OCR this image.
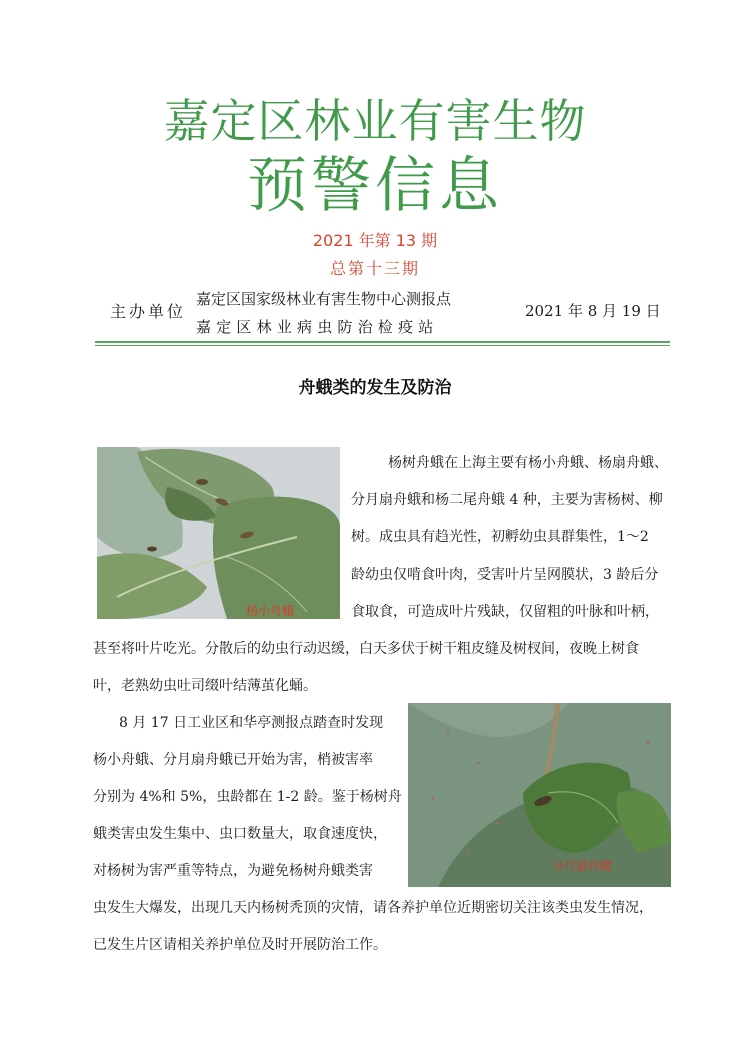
嘉定区林业有害生物
预警信息
2021 年第 13 期
总第十三期
主办单位
嘉定区国家级林业有害生物中心测报点
嘉定区林业病虫防治检疫站
2021 年 8 月 19 日
舟蛾类的发生及防治
杨小舟蛾
分月扇舟蛾
杨树舟蛾在上海主要有杨小舟蛾、杨扇舟蛾、
分月扇舟蛾和杨二尾舟蛾 4 种，主要为害杨树、柳
树。成虫具有趋光性，初孵幼虫具群集性，1～2
龄幼虫仅啃食叶肉，受害叶片呈网膜状，3 龄后分
食取食，可造成叶片残缺，仅留粗的叶脉和叶柄，
甚至将叶片吃光。分散后的幼虫行动迟缓，白天多伏于树干粗皮缝及树杈间，夜晚上树食
叶，老熟幼虫吐司缀叶结薄茧化蛹。
8 月 17 日工业区和华亭测报点踏查时发现
杨小舟蛾、分月扇舟蛾已开始为害，梢被害率
分别为 4%和 5%，虫龄都在 1-2 龄。鉴于杨树舟
蛾类害虫发生集中、虫口数量大，取食速度快，
对杨树为害严重等特点，为避免杨树舟蛾类害
虫发生大爆发，出现几天内杨树秃顶的灾情，请各养护单位近期密切关注该类虫发生情况，
已发生片区请相关养护单位及时开展防治工作。
